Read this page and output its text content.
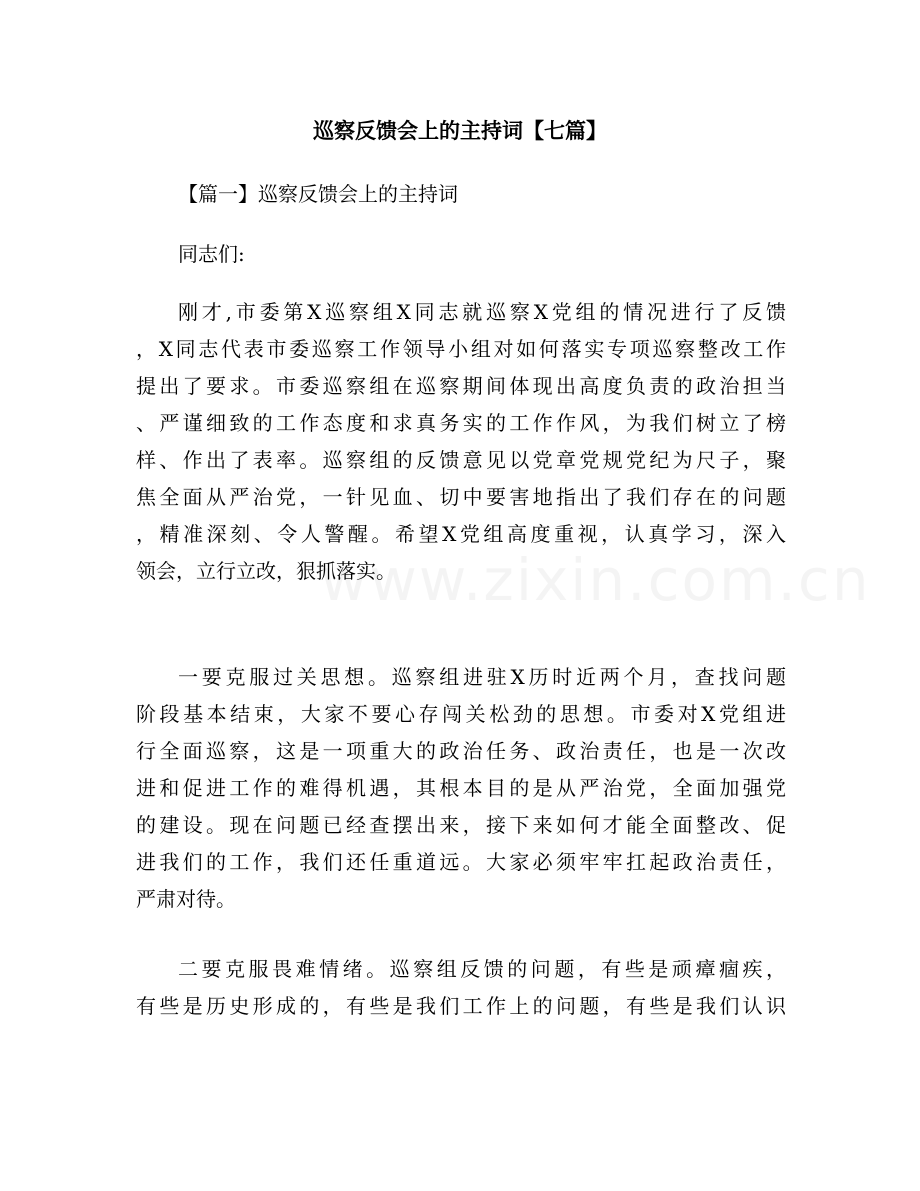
www.zixin.com.cn
巡察反馈会上的主持词【七篇】
【篇一】巡察反馈会上的主持词
同志们:
刚才,市委第X巡察组X同志就巡察X党组的情况进行了反馈
，X同志代表市委巡察工作领导小组对如何落实专项巡察整改工作
提出了要求。市委巡察组在巡察期间体现出高度负责的政治担当
、严谨细致的工作态度和求真务实的工作作风，为我们树立了榜
样、作出了表率。巡察组的反馈意见以党章党规党纪为尺子，聚
焦全面从严治党，一针见血、切中要害地指出了我们存在的问题
，精准深刻、令人警醒。希望X党组高度重视，认真学习，深入
领会，立行立改，狠抓落实。
一要克服过关思想。巡察组进驻X历时近两个月，查找问题
阶段基本结束，大家不要心存闯关松劲的思想。市委对X党组进
行全面巡察，这是一项重大的政治任务、政治责任，也是一次改
进和促进工作的难得机遇，其根本目的是从严治党，全面加强党
的建设。现在问题已经查摆出来，接下来如何才能全面整改、促
进我们的工作，我们还任重道远。大家必须牢牢扛起政治责任，
严肃对待。
二要克服畏难情绪。巡察组反馈的问题，有些是顽瘴痼疾，
有些是历史形成的，有些是我们工作上的问题，有些是我们认识
